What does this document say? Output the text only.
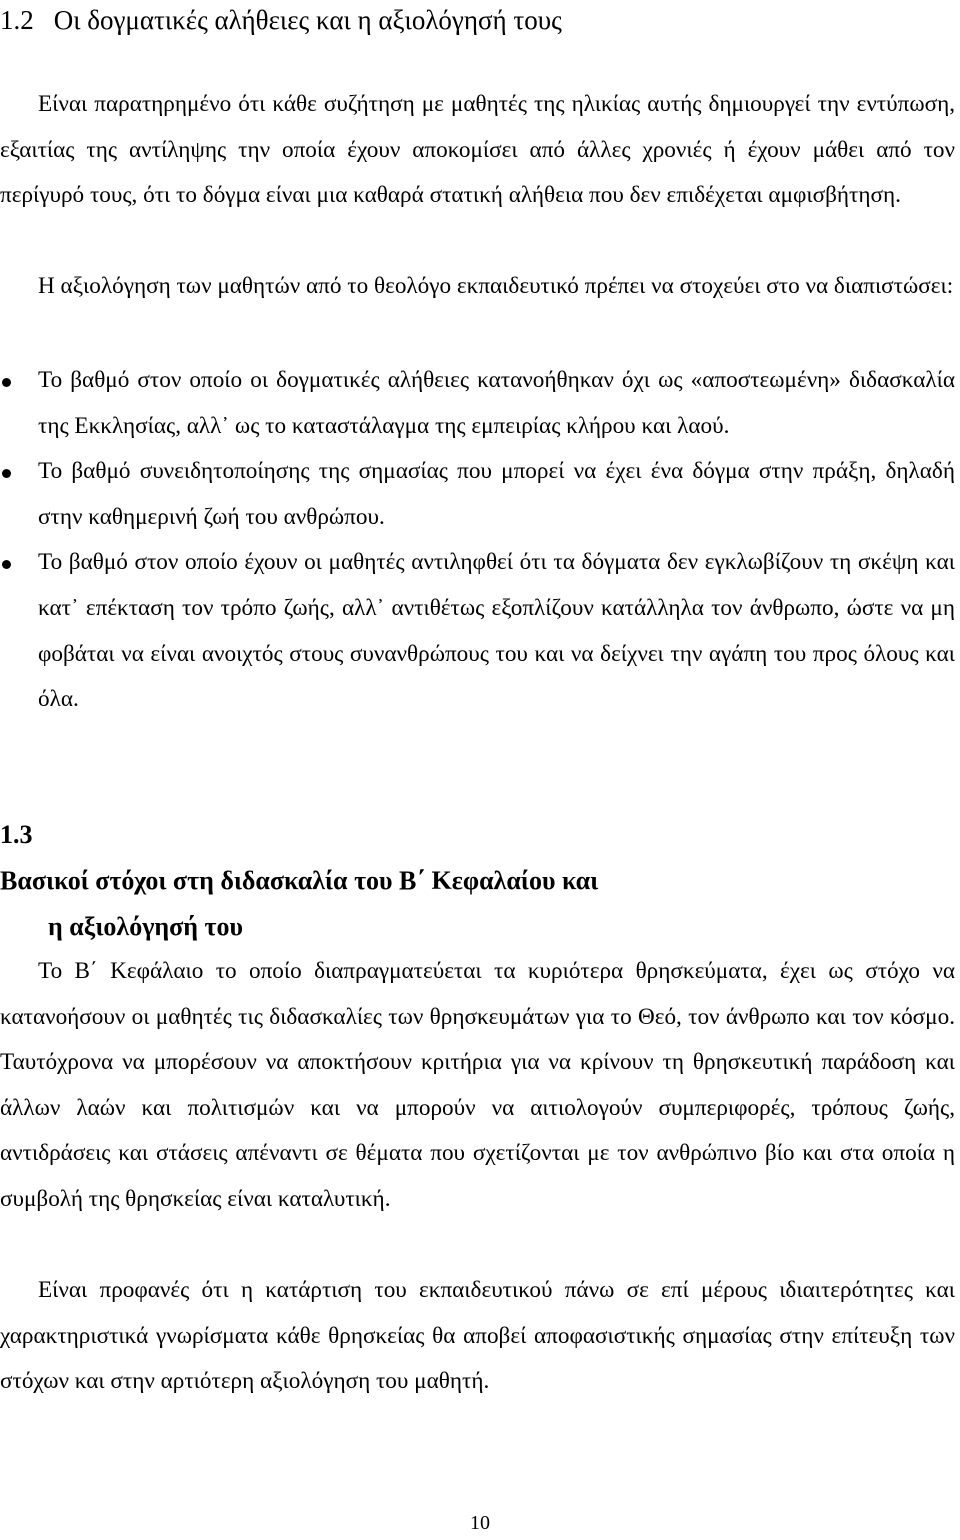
1.2 Οι δογματικές αλήθειες και η αξιολόγησή τους

Είναι παρατηρημένο ότι κάθε συζήτηση με μαθητές της ηλικίας αυτής δημιουργεί την εντύπωση, εξαιτίας της αντίληψης την οποία έχουν αποκομίσει από άλλες χρονιές ή έχουν μάθει από τον περίγυρό τους, ότι το δόγμα είναι μια καθαρά στατική αλήθεια που δεν επιδέχεται αμφισβήτηση.

Η αξιολόγηση των μαθητών από το θεολόγο εκπαιδευτικό πρέπει να στοχεύει στο να διαπιστώσει:

Το βαθμό στον οποίο οι δογματικές αλήθειες κατανοήθηκαν όχι ως «αποστεωμένη» διδασκαλία της Εκκλησίας, αλλ᾽ ως το καταστάλαγμα της εμπειρίας κλήρου και λαού.
Το βαθμό συνειδητοποίησης της σημασίας που μπορεί να έχει ένα δόγμα στην πράξη, δηλαδή στην καθημερινή ζωή του ανθρώπου.
Το βαθμό στον οποίο έχουν οι μαθητές αντιληφθεί ότι τα δόγματα δεν εγκλωβίζουν τη σκέψη και κατ᾽ επέκταση τον τρόπο ζωής, αλλ᾽ αντιθέτως εξοπλίζουν κατάλληλα τον άνθρωπο, ώστε να μη φοβάται να είναι ανοιχτός στους συνανθρώπους του και να δείχνει την αγάπη του προς όλους και όλα.
1.3
Βασικοί στόχοι στη διδασκαλία του Β΄ Κεφαλαίου και
η αξιολόγησή του

Το Β΄ Κεφάλαιο το οποίο διαπραγματεύεται τα κυριότερα θρησκεύματα, έχει ως στόχο να κατανοήσουν οι μαθητές τις διδασκαλίες των θρησκευμάτων για το Θεό, τον άνθρωπο και τον κόσμο. Ταυτόχρονα να μπορέσουν να αποκτήσουν κριτήρια για να κρίνουν τη θρησκευτική παράδοση και άλλων λαών και πολιτισμών και να μπορούν να αιτιολογούν συμπεριφορές, τρόπους ζωής, αντιδράσεις και στάσεις απέναντι σε θέματα που σχετίζονται με τον ανθρώπινο βίο και στα οποία η συμβολή της θρησκείας είναι καταλυτική.

Είναι προφανές ότι η κατάρτιση του εκπαιδευτικού πάνω σε επί μέρους ιδιαιτερότητες και χαρακτηριστικά γνωρίσματα κάθε θρησκείας θα αποβεί αποφασιστικής σημασίας στην επίτευξη των στόχων και στην αρτιότερη αξιολόγηση του μαθητή.

10
